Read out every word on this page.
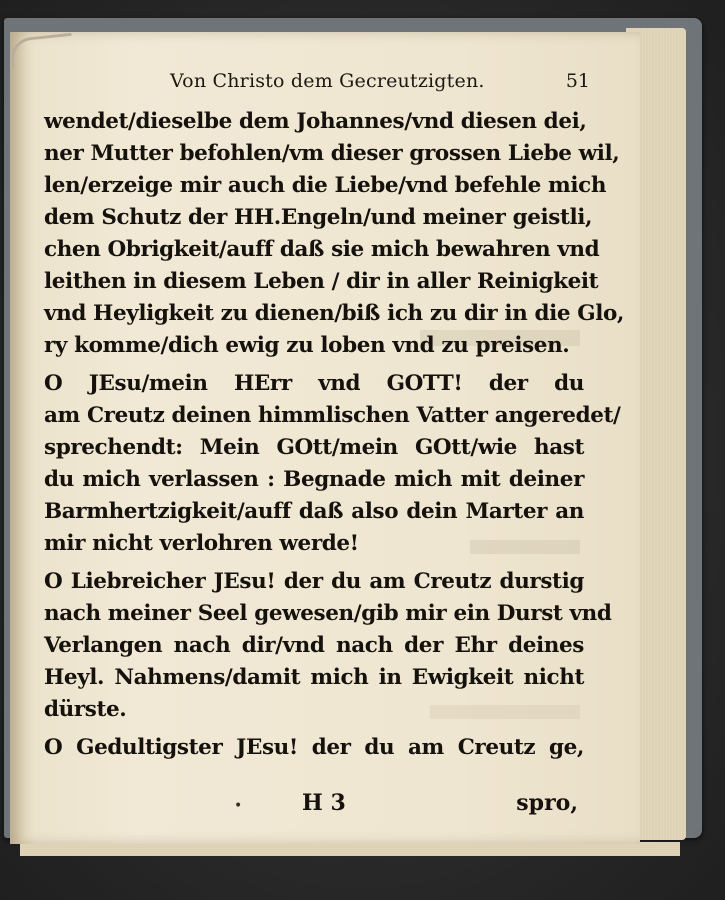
Von Christo dem Gecreutzigten.	51
wendet/dieselbe dem Johannes/vnd diesen dei,
ner Mutter befohlen/vm dieser grossen Liebe wil,
len/erzeige mir auch die Liebe/vnd befehle mich
dem Schutz der HH.Engeln/und meiner geistli,
chen Obrigkeit/auff daß sie mich bewahren vnd
leithen in diesem Leben / dir in aller Reinigkeit
vnd Heyligkeit zu dienen/biß ich zu dir in die Glo,
ry komme/dich ewig zu loben vnd zu preisen.
O JEsu/mein HErr vnd GOTT! der du
am Creutz deinen himmlischen Vatter angeredet/
sprechendt: Mein GOtt/mein GOtt/wie hast
du mich verlassen : Begnade mich mit deiner
Barmhertzigkeit/auff daß also dein Marter an
mir nicht verlohren werde!
O Liebreicher JEsu! der du am Creutz durstig
nach meiner Seel gewesen/gib mir ein Durst vnd
Verlangen nach dir/vnd nach der Ehr deines
Heyl. Nahmens/damit mich in Ewigkeit nicht
dürste.
O Gedultigster JEsu! der du am Creutz ge,
•	H 3	spro,
